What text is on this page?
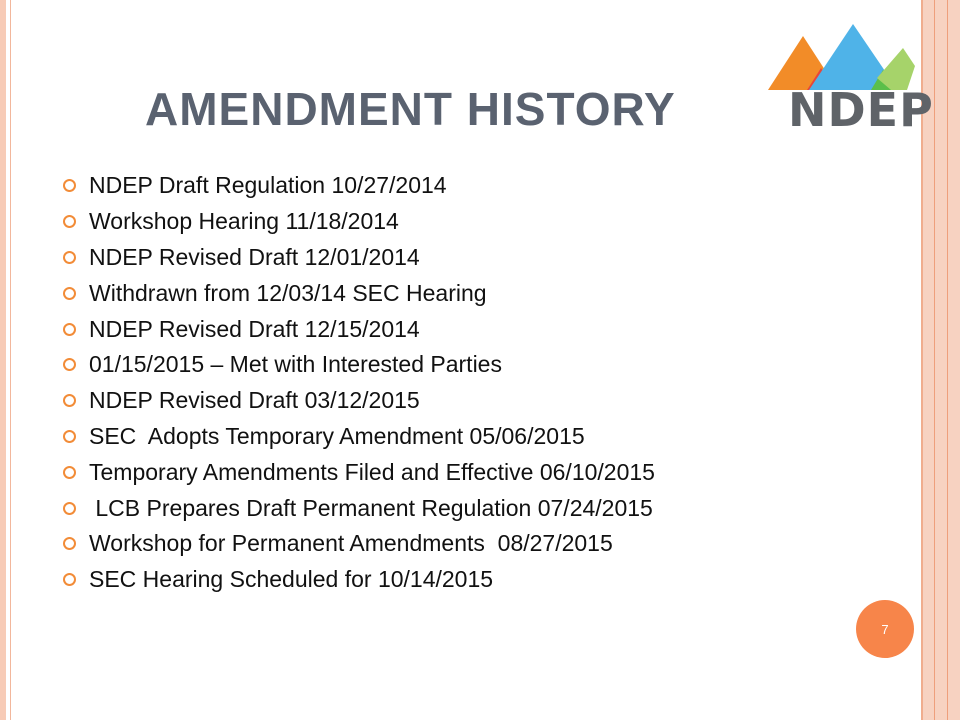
AMENDMENT HISTORY NDEP
NDEP Draft Regulation 10/27/2014
Workshop Hearing 11/18/2014
NDEP Revised Draft 12/01/2014
Withdrawn from 12/03/14 SEC Hearing
NDEP Revised Draft 12/15/2014
01/15/2015 – Met with Interested Parties
NDEP Revised Draft 03/12/2015
SEC  Adopts Temporary Amendment 05/06/2015
Temporary Amendments Filed and Effective 06/10/2015
LCB Prepares Draft Permanent Regulation 07/24/2015
Workshop for Permanent Amendments  08/27/2015
SEC Hearing Scheduled for 10/14/2015
7
